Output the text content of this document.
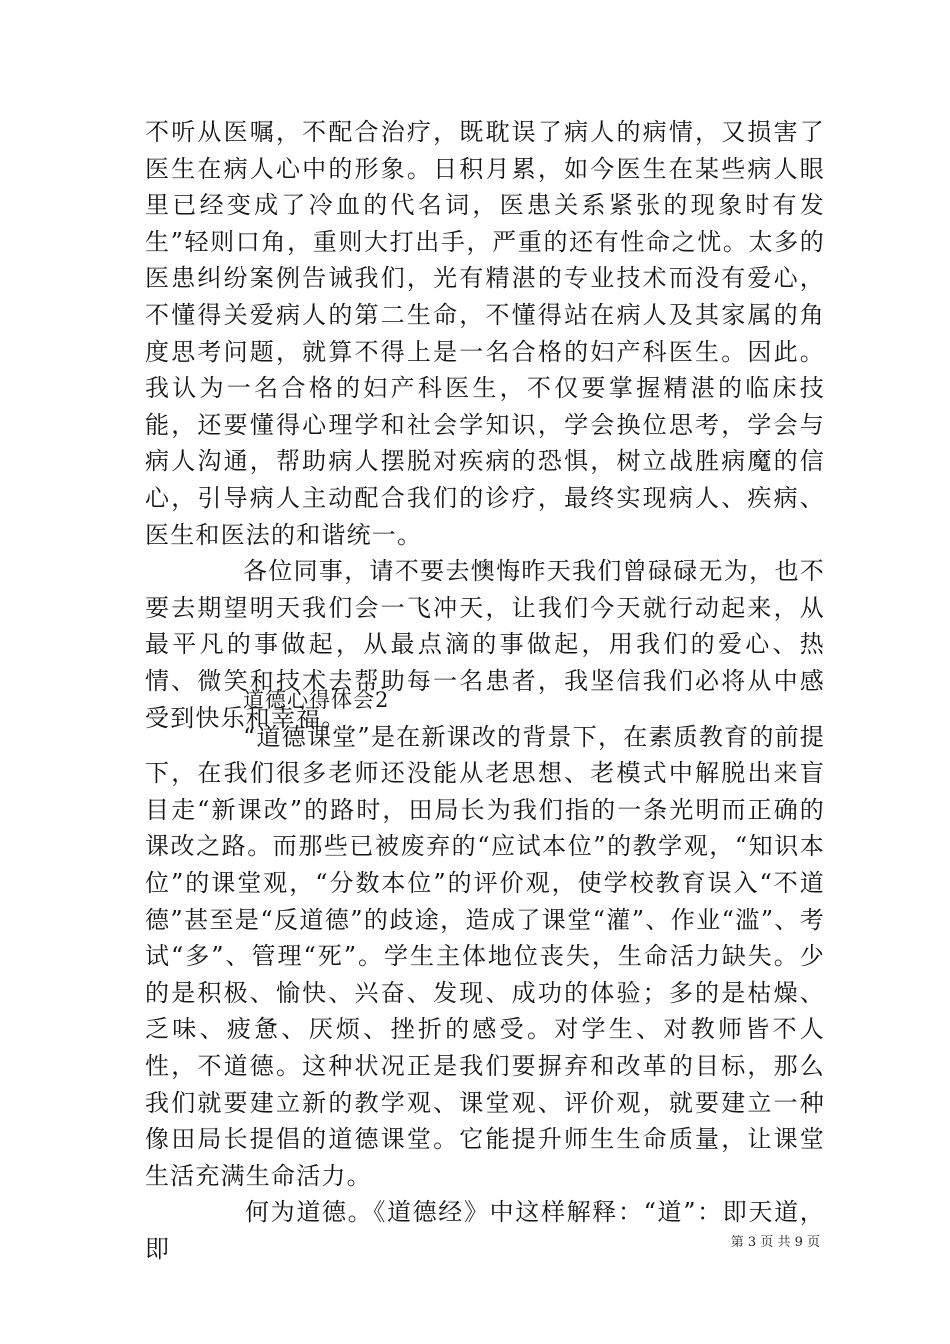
不听从医嘱，不配合治疗，既耽误了病人的病情，又损害了医生在病人心中的形象。日积月累，如今医生在某些病人眼里已经变成了冷血的代名词，医患关系紧张的现象时有发生”轻则口角，重则大打出手，严重的还有性命之忧。太多的医患纠纷案例告诫我们，光有精湛的专业技术而没有爱心，不懂得关爱病人的第二生命，不懂得站在病人及其家属的角度思考问题，就算不得上是一名合格的妇产科医生。因此。我认为一名合格的妇产科医生，不仅要掌握精湛的临床技能，还要懂得心理学和社会学知识，学会换位思考，学会与病人沟通，帮助病人摆脱对疾病的恐惧，树立战胜病魔的信心，引导病人主动配合我们的诊疗，最终实现病人、疾病、医生和医法的和谐统一。

各位同事，请不要去懊悔昨天我们曾碌碌无为，也不要去期望明天我们会一飞冲天，让我们今天就行动起来，从最平凡的事做起，从最点滴的事做起，用我们的爱心、热情、微笑和技术去帮助每一名患者，我坚信我们必将从中感受到快乐和幸福。

道德心得体会2

“道德课堂”是在新课改的背景下，在素质教育的前提下，在我们很多老师还没能从老思想、老模式中解脱出来盲目走“新课改”的路时，田局长为我们指的一条光明而正确的课改之路。而那些已被废弃的“应试本位”的教学观，“知识本位”的课堂观，“分数本位”的评价观，使学校教育误入“不道德”甚至是“反道德”的歧途，造成了课堂“灌”、作业“滥”、考试“多”、管理“死”。学生主体地位丧失，生命活力缺失。少的是积极、愉快、兴奋、发现、成功的体验；多的是枯燥、乏味、疲惫、厌烦、挫折的感受。对学生、对教师皆不人性，不道德。这种状况正是我们要摒弃和改革的目标，那么我们就要建立新的教学观、课堂观、评价观，就要建立一种像田局长提倡的道德课堂。它能提升师生生命质量，让课堂生活充满生命活力。

何为道德。《道德经》中这样解释：“道”：即天道，即	第 3 页 共 9 页
